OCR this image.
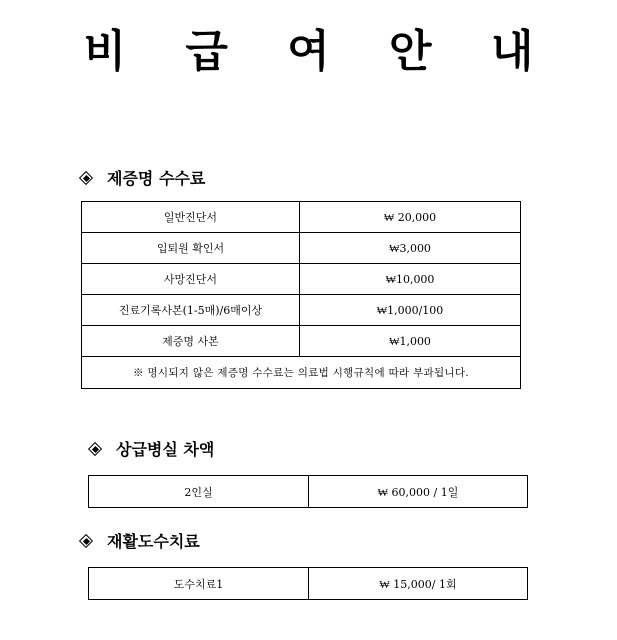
비 급 여 안 내
제증명 수수료
일반진단서	₩ 20,000
입퇴원 확인서	₩3,000
사망진단서	₩10,000
진료기록사본(1-5매)/6매이상	₩1,000/100
제증명 사본	₩1,000
※ 명시되지 않은 제증명 수수료는 의료법 시행규칙에 따라 부과됩니다.	
상급병실 차액
2인실	₩ 60,000 / 1일
재활도수치료
도수치료1	₩ 15,000/ 1회
